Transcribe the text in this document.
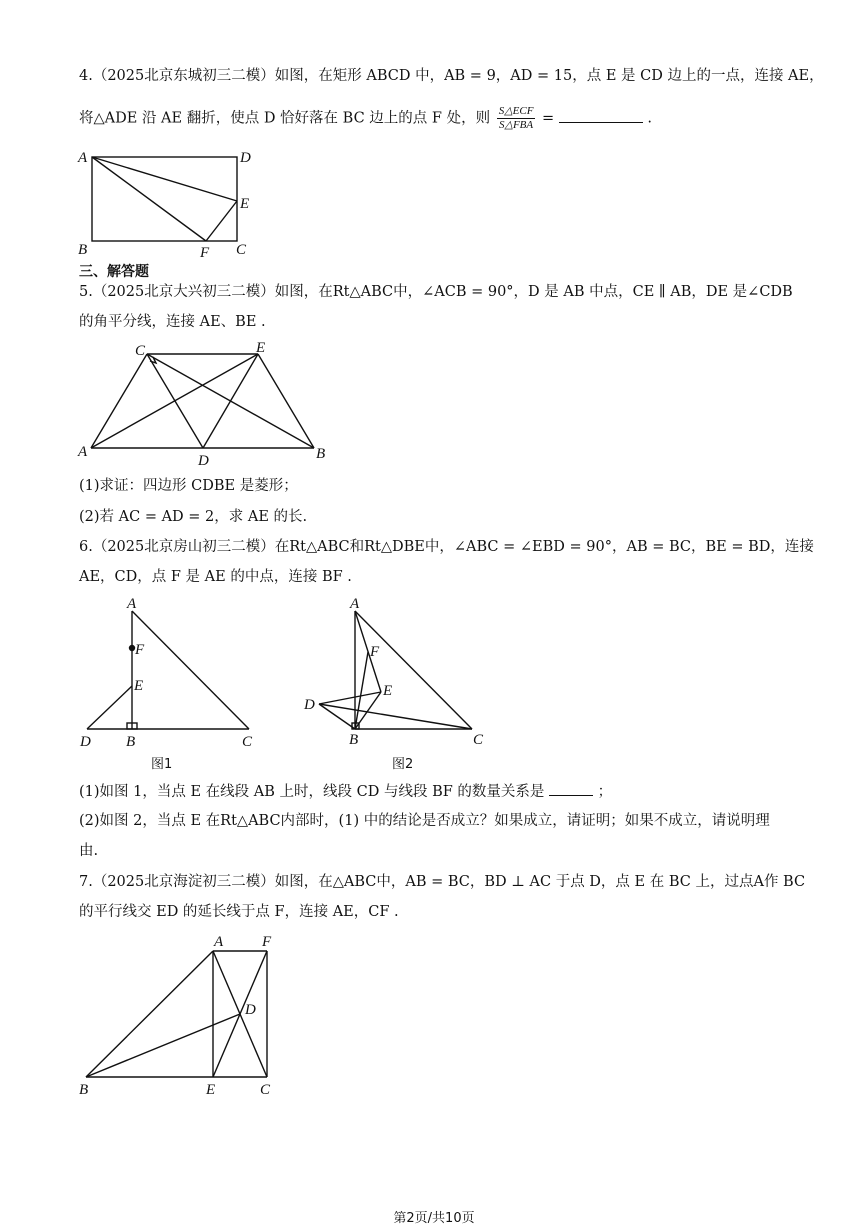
4.（2025北京东城初三二模）如图，在矩形 ABCD 中，AB = 9，AD = 15，点 E 是 CD 边上的一点，连接 AE，
将△ADE 沿 AE 翻折，使点 D 恰好落在 BC 边上的点 F 处，则 $\frac{\text{S△ECF}}{\text{S△FBA}}$ =	.
三、解答题
5.（2025北京大兴初三二模）如图，在Rt△ABC中，∠ACB = 90°，D 是 AB 中点，CE ∥ AB，DE 是∠CDB
的角平分线，连接 AE、BE .
(1)求证：四边形 CDBE 是菱形；
(2)若 AC = AD = 2，求 AE 的长.
6.（2025北京房山初三二模）在Rt△ABC和Rt△DBE中，∠ABC = ∠EBD = 90°，AB = BC，BE = BD，连接
AE，CD，点 F 是 AE 的中点，连接 BF .
(1)如图 1，当点 E 在线段 AB 上时，线段 CD 与线段 BF 的数量关系是	；
(2)如图 2，当点 E 在Rt△ABC内部时，(1) 中的结论是否成立？如果成立，请证明；如果不成立，请说明理
由.
7.（2025北京海淀初三二模）如图，在△ABC中，AB = BC，BD ⊥ AC 于点 D，点 E 在 BC 上，过点A作 BC
的平行线交 ED 的延长线于点 F，连接 AE，CF .
A	D
E
B	F C
C	E
A
D	B
A
F
E
D B	C
图1
A
F
E
D
B	C
图2
A	F
D
B	E	C
第2页/共10页
